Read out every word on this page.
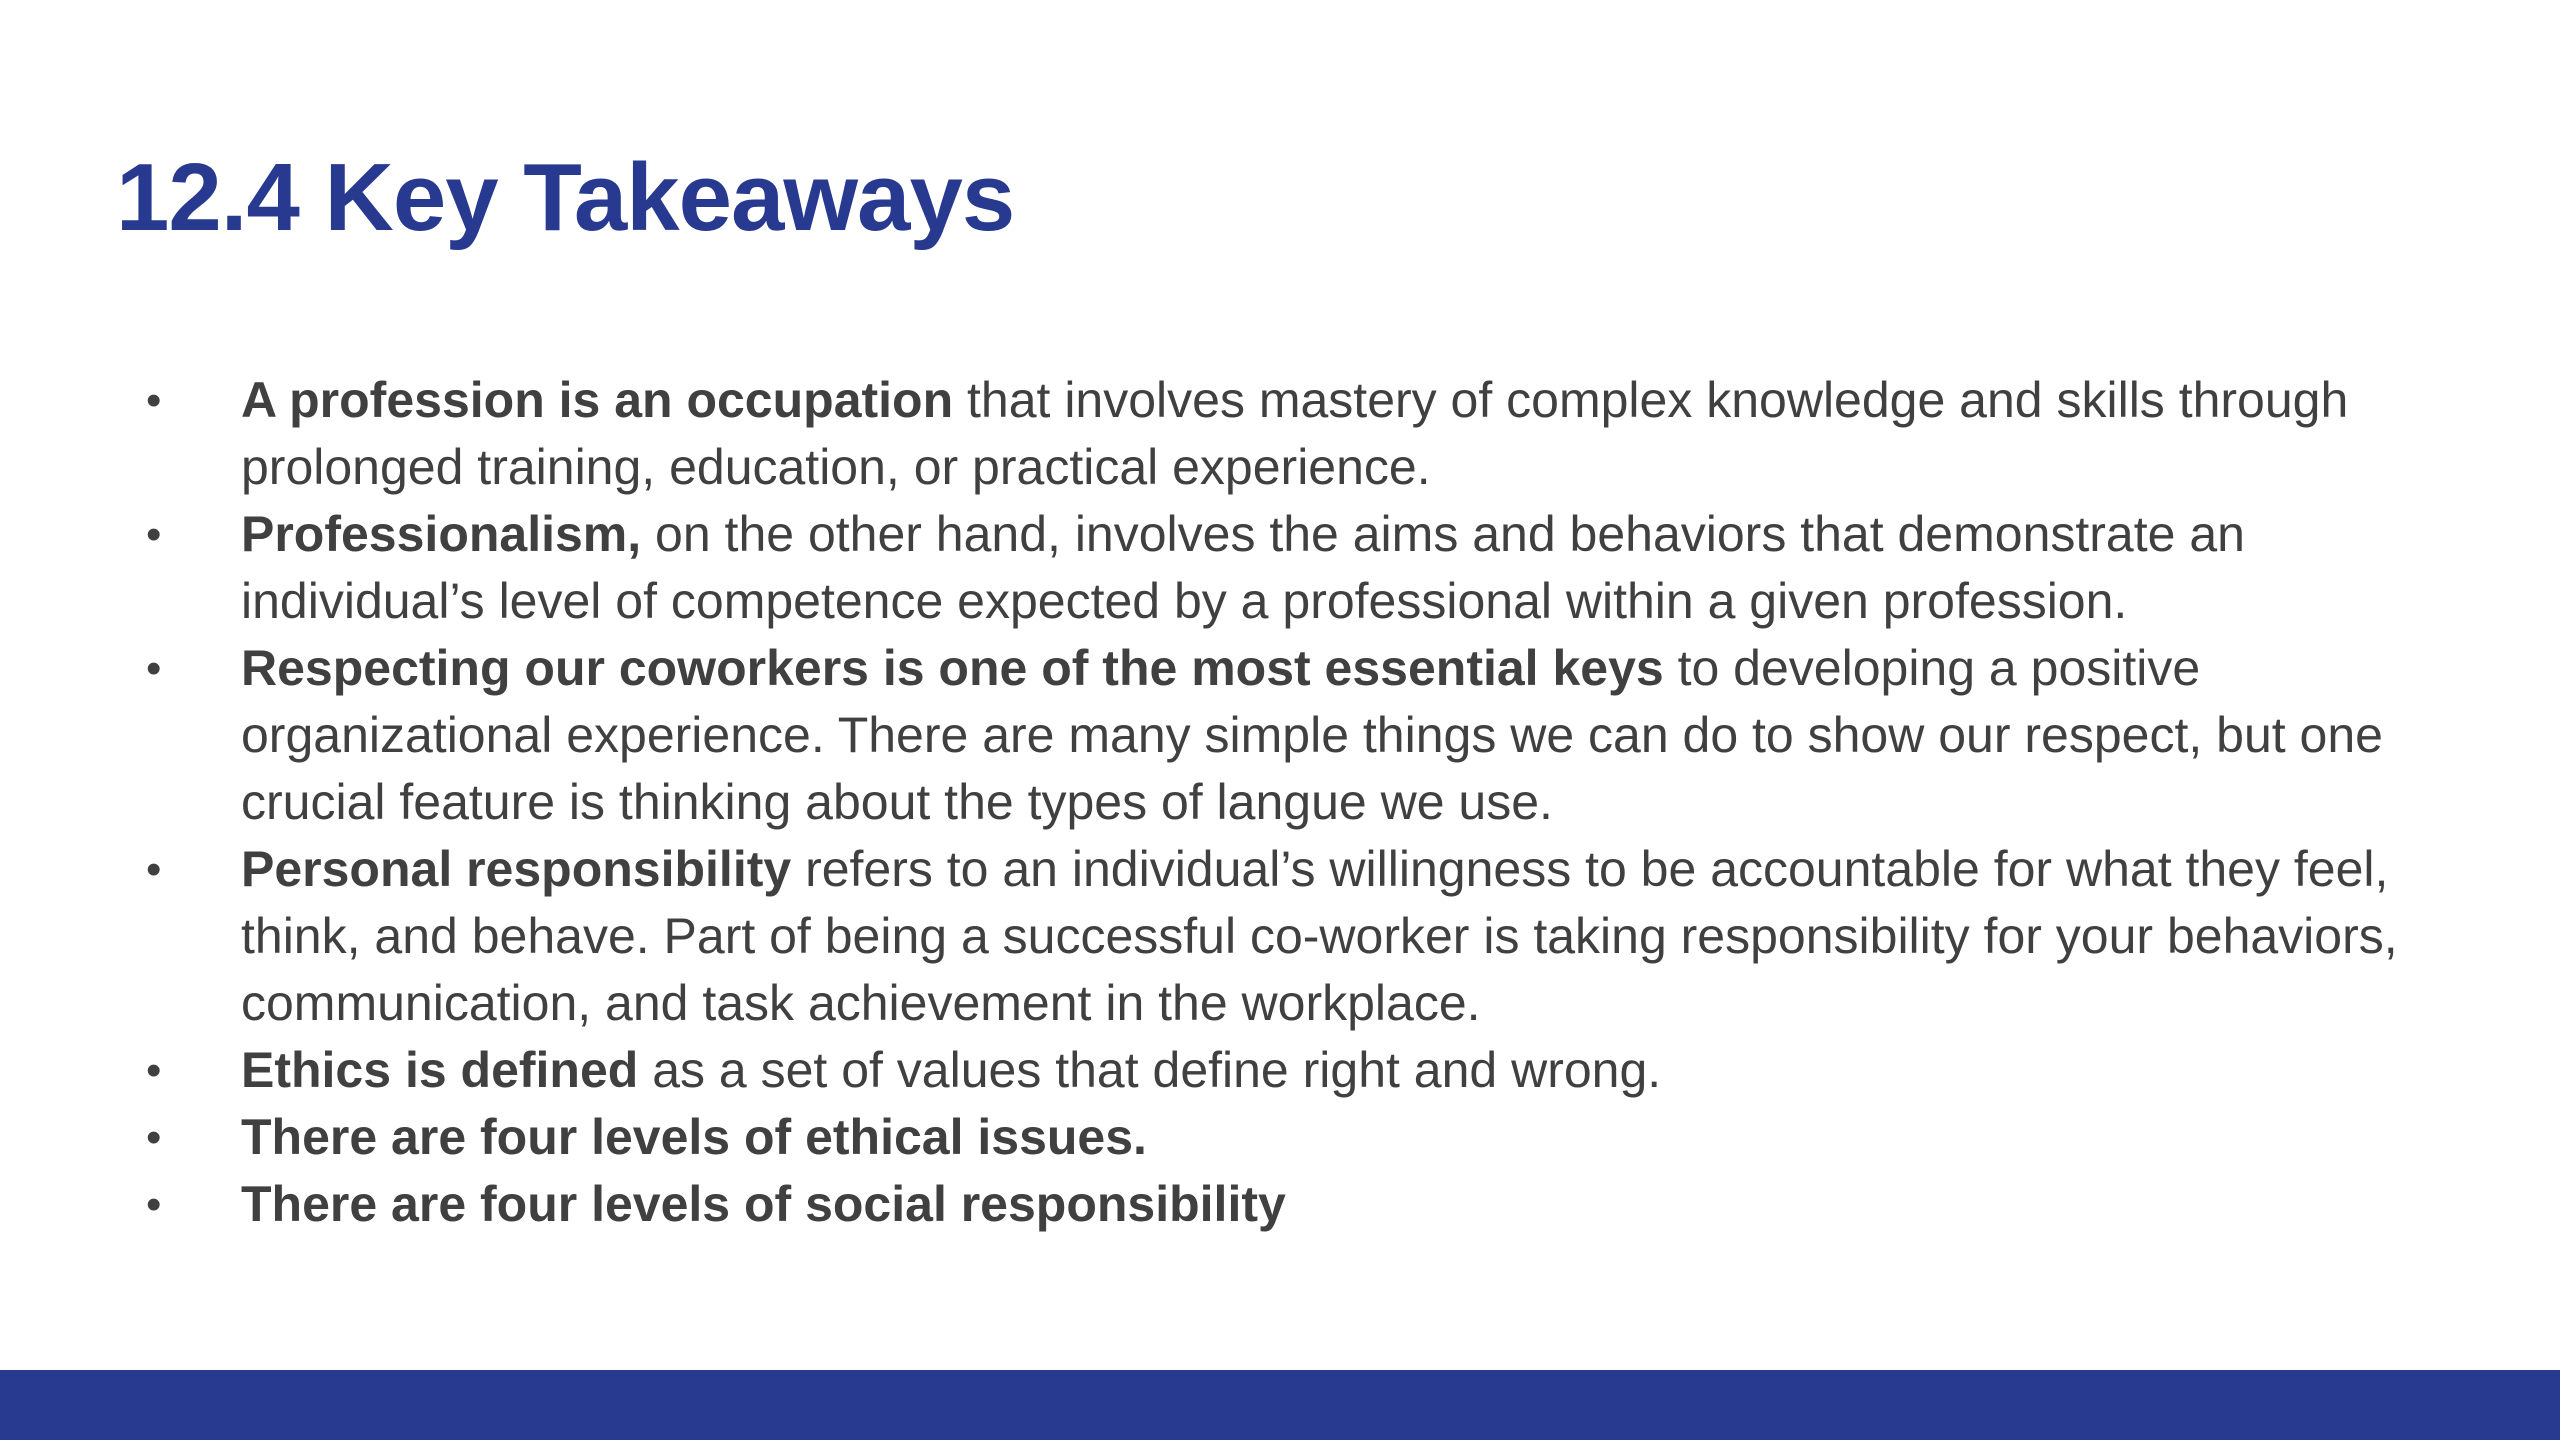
12.4 Key Takeaways
• A profession is an occupation that involves mastery of complex knowledge and skills through prolonged training, education, or practical experience.
• Professionalism, on the other hand, involves the aims and behaviors that demonstrate an individual’s level of competence expected by a professional within a given profession.
• Respecting our coworkers is one of the most essential keys to developing a positive organizational experience. There are many simple things we can do to show our respect, but one crucial feature is thinking about the types of langue we use.
• Personal responsibility refers to an individual’s willingness to be accountable for what they feel, think, and behave. Part of being a successful co-worker is taking responsibility for your behaviors, communication, and task achievement in the workplace.
• Ethics is defined as a set of values that define right and wrong.
• There are four levels of ethical issues.
• There are four levels of social responsibility
